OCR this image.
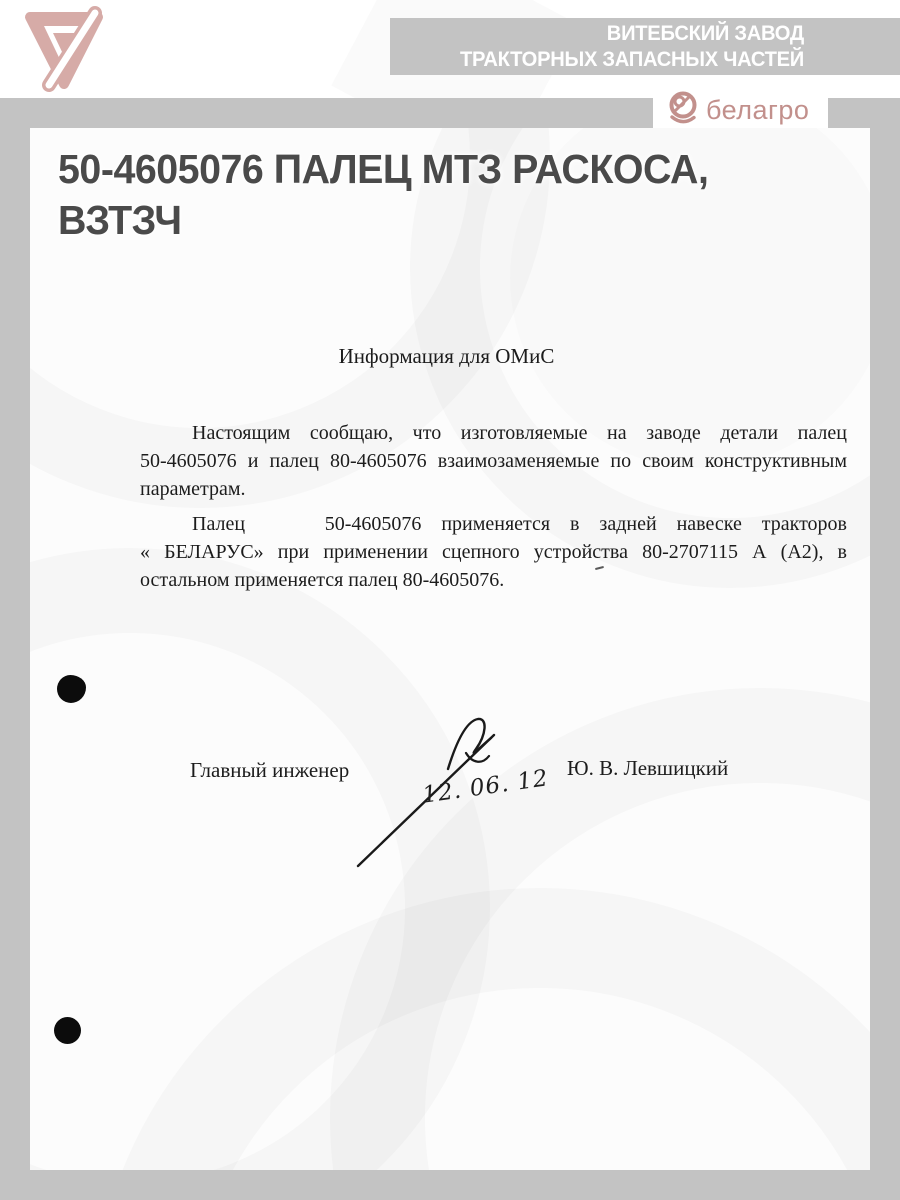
ВИТЕБСКИЙ ЗАВОД
ТРАКТОРНЫХ ЗАПАСНЫХ ЧАСТЕЙ
белагро
50-4605076 ПАЛЕЦ МТЗ РАСКОСА,
ВЗТЗЧ
Информация для ОМиС
Настоящим сообщаю, что изготовляемые на заводе детали палец
50-4605076 и палец 80-4605076 взаимозаменяемые по своим конструктивным
параметрам.
Палец    50-4605076 применяется в задней навеске тракторов
« БЕЛАРУС» при применении сцепного устройства 80-2707115 А (А2), в
остальном применяется палец 80-4605076.
Главный инженер	12. 06. 12 Ю. В. Левшицкий
